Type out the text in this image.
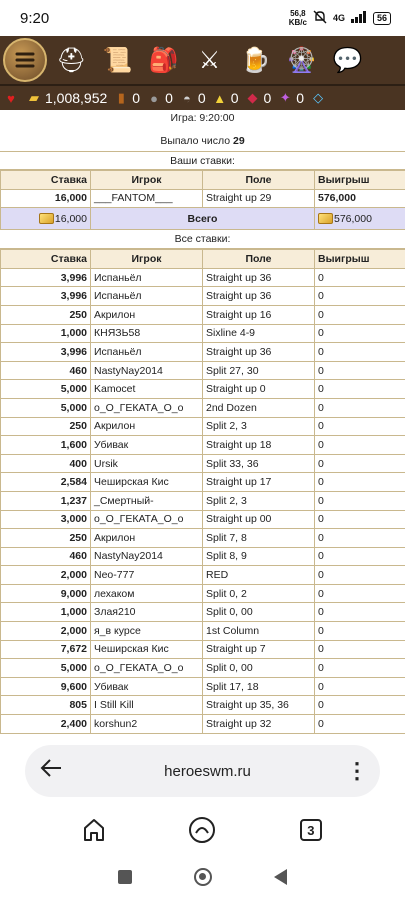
9:20	56,8
KB/c	4G	56
⛑ 📜 🎒 ⚔ 🍺 🎡 💬
♥	▰ 1,008,952 ▮ 0 ● 0 ◓ 0 ▲ 0 ◆ 0 ✦ 0 ◇
Игра: 9:20:00
Выпало число 29
Ваши ставки:
Ставка	Игрок	Поле	Выигрыш
16,000	___FANTOM___	Straight up 29	576,000
16,000	Всего		576,000
Все ставки:
Ставка	Игрок	Поле	Выигрыш
3,996	Испаньёл	Straight up 36	0
3,996	Испаньёл	Straight up 36	0
250	Акрилон	Straight up 16	0
1,000	КНЯЗЬ58	Sixline 4-9	0
3,996	Испаньёл	Straight up 36	0
460	NastyNay2014	Split 27, 30	0
5,000	Kamocet	Straight up 0	0
5,000	о_О_ГЕКАТА_О_о	2nd Dozen	0
250	Акрилон	Split 2, 3	0
1,600	Убивак	Straight up 18	0
400	Ursik	Split 33, 36	0
2,584	Чеширская Кис	Straight up 17	0
1,237	_Смертный-	Split 2, 3	0
3,000	о_О_ГЕКАТА_О_о	Straight up 00	0
250	Акрилон	Split 7, 8	0
460	NastyNay2014	Split 8, 9	0
2,000	Neo-777	RED	0
9,000	лехаком	Split 0, 2	0
1,000	Злая210	Split 0, 00	0
2,000	я_в курсе	1st Column	0
7,672	Чеширская Кис	Straight up 7	0
5,000	о_О_ГЕКАТА_О_о	Split 0, 00	0
9,600	Убивак	Split 17, 18	0
805	I Still Kill	Straight up 35, 36	0
2,400	korshun2	Straight up 32	0
heroeswm.ru	⋮
3
